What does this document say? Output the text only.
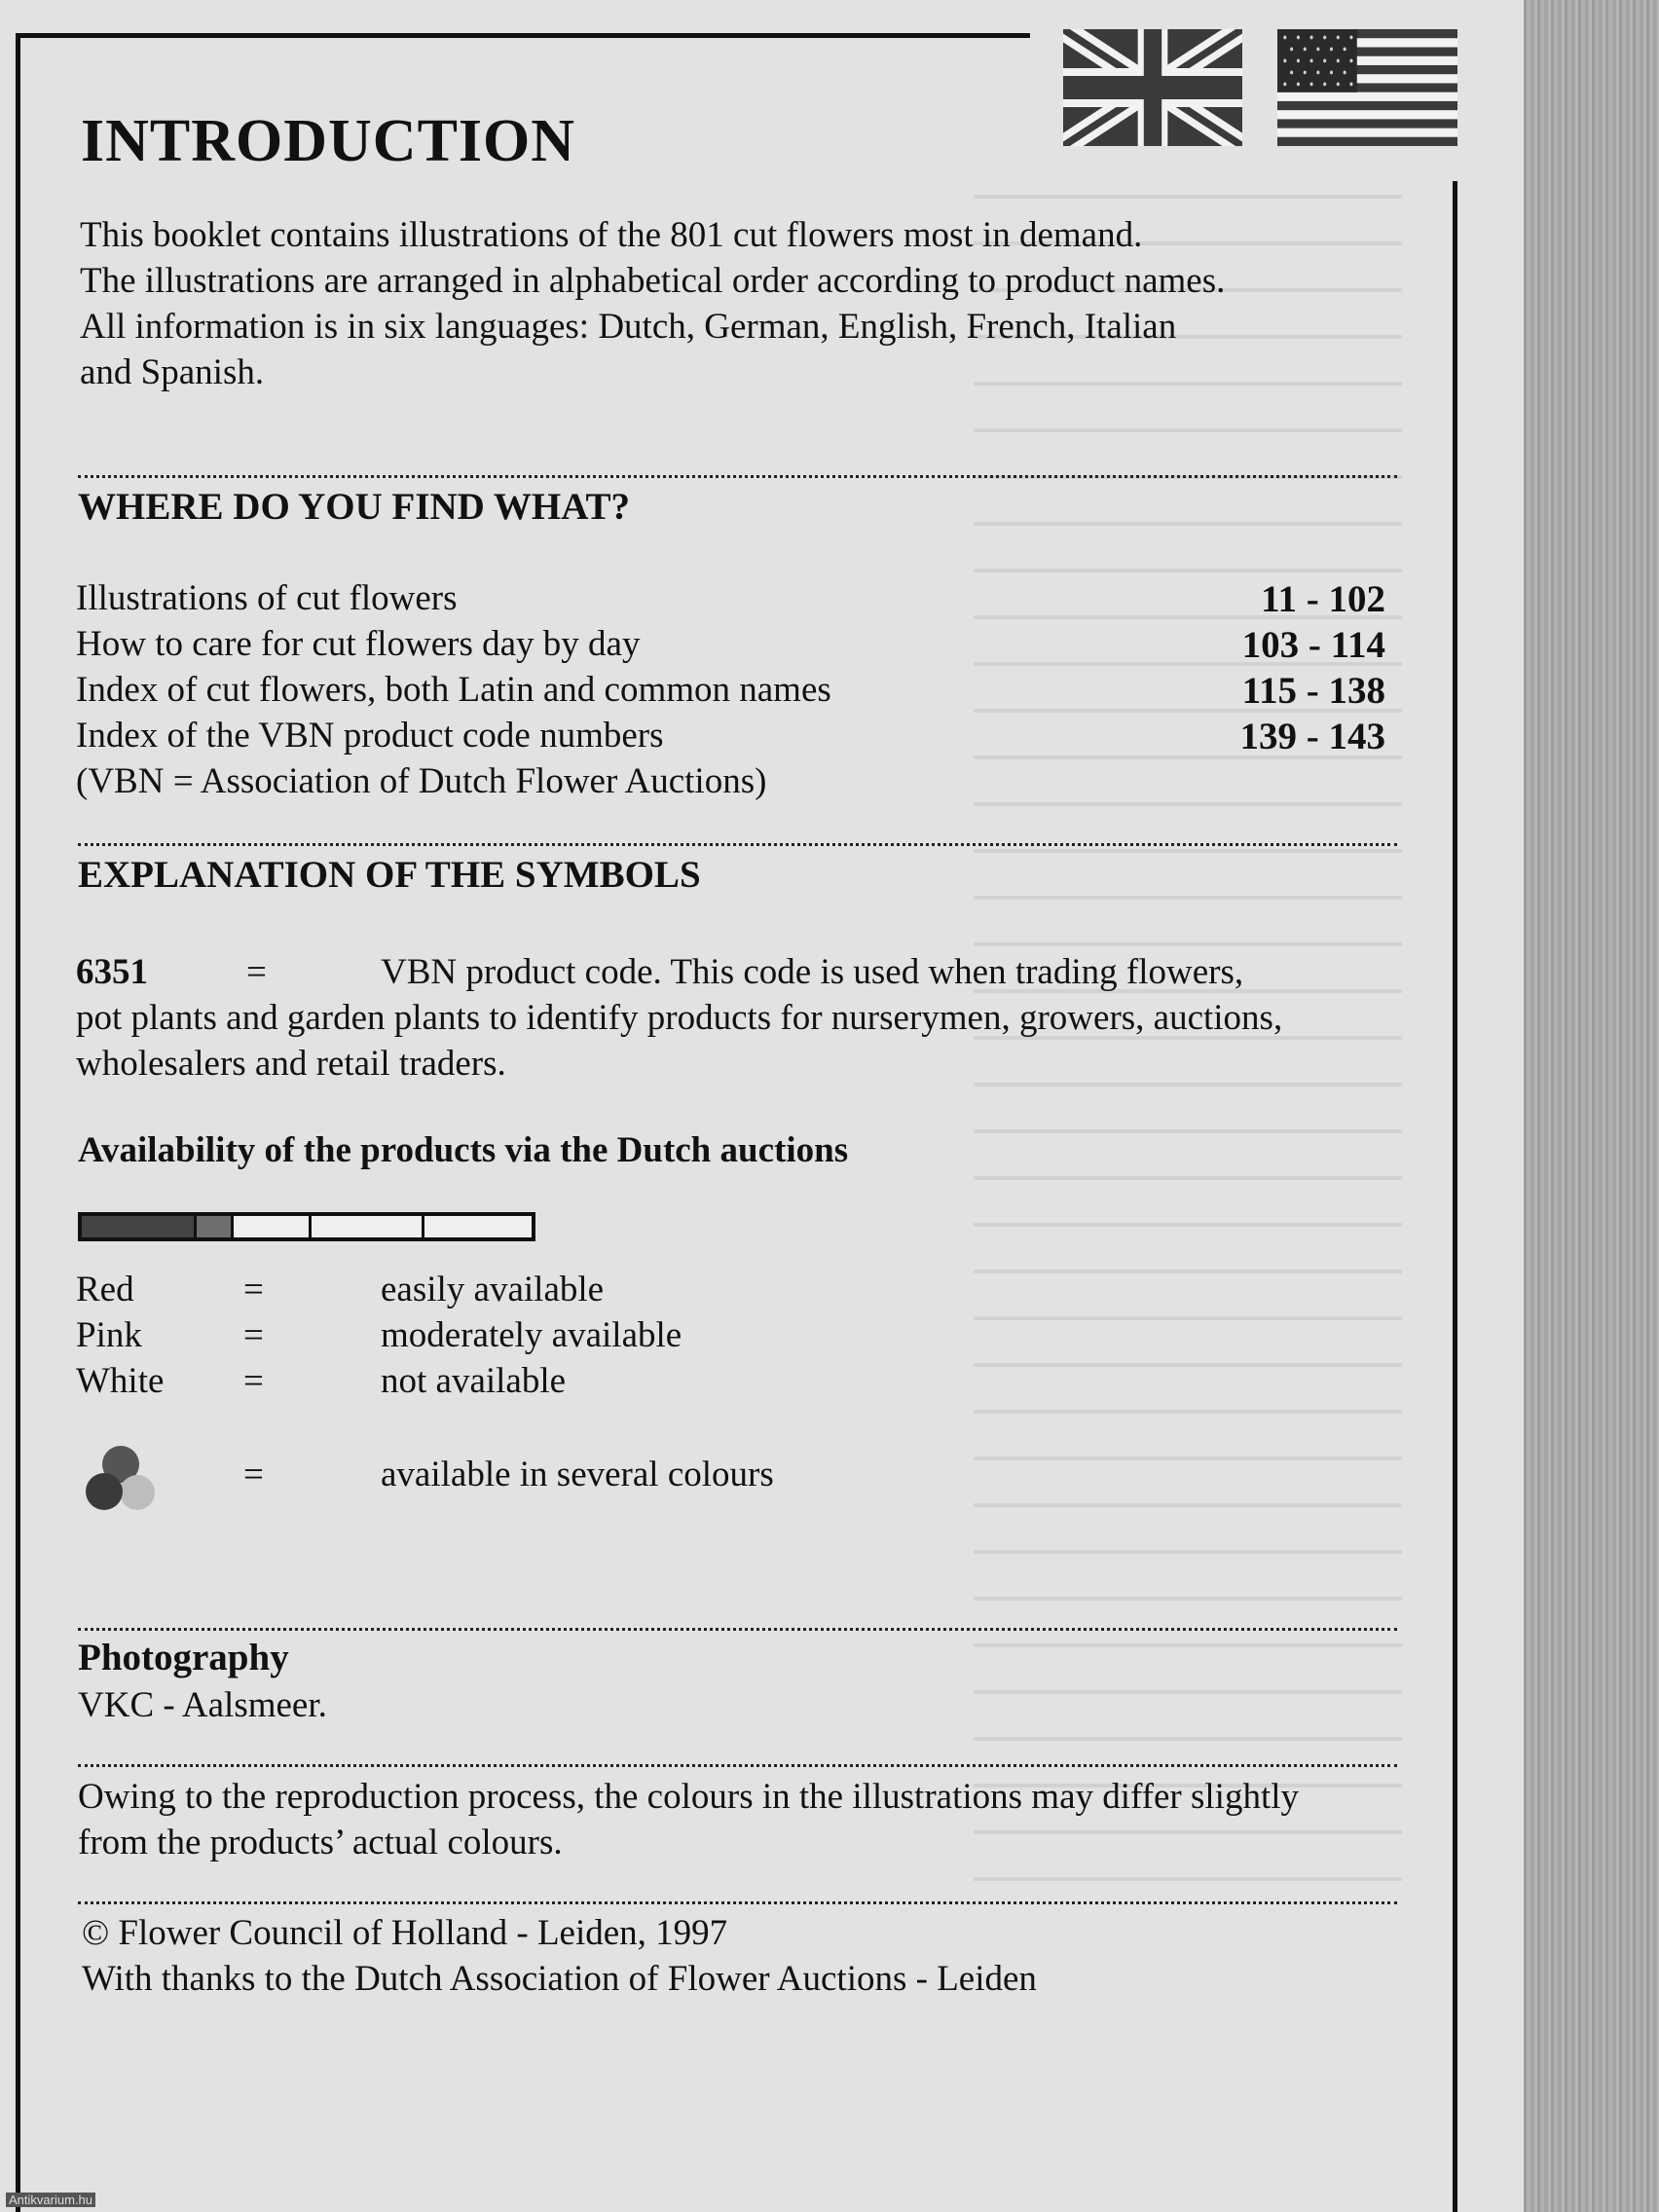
INTRODUCTION
This booklet contains illustrations of the 801 cut flowers most in demand.
The illustrations are arranged in alphabetical order according to product names.
All information is in six languages: Dutch, German, English, French, Italian
and Spanish.
WHERE DO YOU FIND WHAT?
Illustrations of cut flowers	11 - 102
How to care for cut flowers day by day	103 - 114
Index of cut flowers, both Latin and common names	115 - 138
Index of the VBN product code numbers	139 - 143
(VBN = Association of Dutch Flower Auctions)
EXPLANATION OF THE SYMBOLS
6351	=	VBN product code. This code is used when trading flowers,
pot plants and garden plants to identify products for nurserymen, growers, auctions, wholesalers and retail traders.
Availability of the products via the Dutch auctions
Red	=	easily available
Pink	=	moderately available
White =	not available
=	available in several colours
Photography
VKC - Aalsmeer.
Owing to the reproduction process, the colours in the illustrations may differ slightly from the products’ actual colours.
© Flower Council of Holland - Leiden, 1997
With thanks to the Dutch Association of Flower Auctions - Leiden
Antikvarium.hu
